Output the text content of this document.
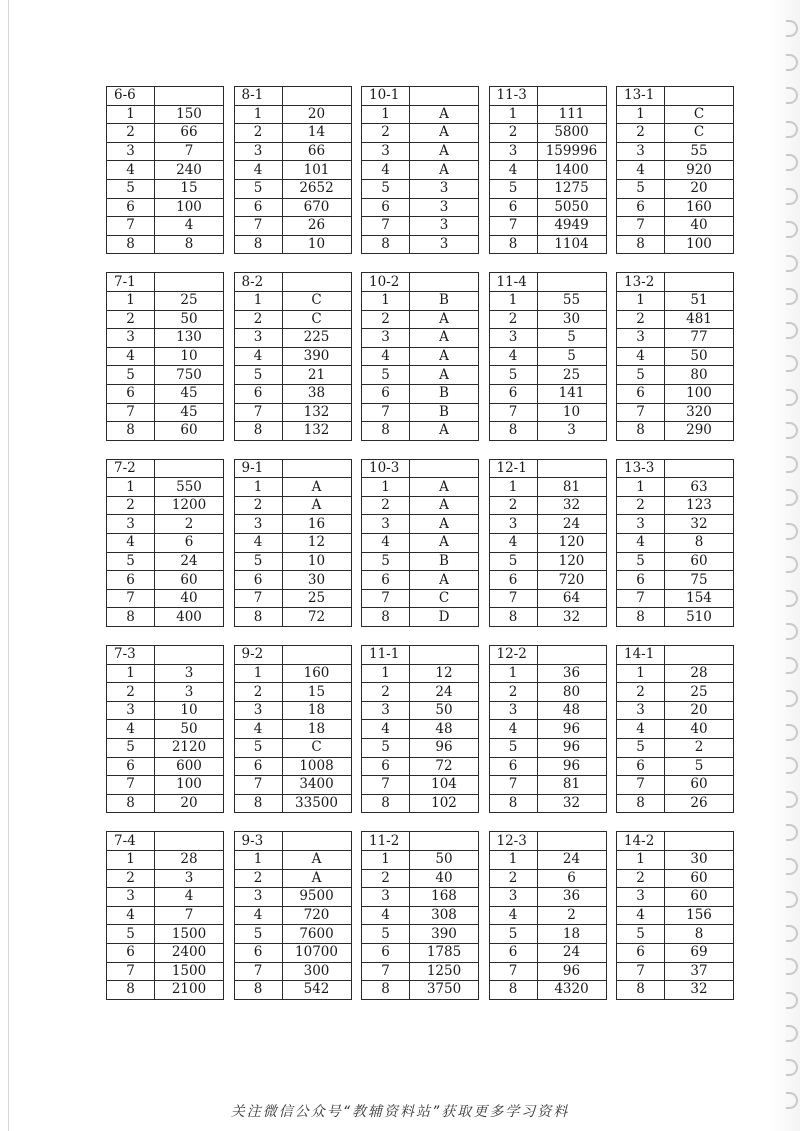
6-6	
1	150
2	66
3	7
4	240
5	15
6	100
7	4
8	8
8-1	
1	20
2	14
3	66
4	101
5	2652
6	670
7	26
8	10
10-1	
1	A
2	A
3	A
4	A
5	3
6	3
7	3
8	3
11-3	
1	111
2	5800
3	159996
4	1400
5	1275
6	5050
7	4949
8	1104
13-1	
1	C
2	C
3	55
4	920
5	20
6	160
7	40
8	100
7-1	
1	25
2	50
3	130
4	10
5	750
6	45
7	45
8	60
8-2	
1	C
2	C
3	225
4	390
5	21
6	38
7	132
8	132
10-2	
1	B
2	A
3	A
4	A
5	A
6	B
7	B
8	A
11-4	
1	55
2	30
3	5
4	5
5	25
6	141
7	10
8	3
13-2	
1	51
2	481
3	77
4	50
5	80
6	100
7	320
8	290
7-2	
1	550
2	1200
3	2
4	6
5	24
6	60
7	40
8	400
9-1	
1	A
2	A
3	16
4	12
5	10
6	30
7	25
8	72
10-3	
1	A
2	A
3	A
4	A
5	B
6	A
7	C
8	D
12-1	
1	81
2	32
3	24
4	120
5	120
6	720
7	64
8	32
13-3	
1	63
2	123
3	32
4	8
5	60
6	75
7	154
8	510
7-3	
1	3
2	3
3	10
4	50
5	2120
6	600
7	100
8	20
9-2	
1	160
2	15
3	18
4	18
5	C
6	1008
7	3400
8	33500
11-1	
1	12
2	24
3	50
4	48
5	96
6	72
7	104
8	102
12-2	
1	36
2	80
3	48
4	96
5	96
6	96
7	81
8	32
14-1	
1	28
2	25
3	20
4	40
5	2
6	5
7	60
8	26
7-4	
1	28
2	3
3	4
4	7
5	1500
6	2400
7	1500
8	2100
9-3	
1	A
2	A
3	9500
4	720
5	7600
6	10700
7	300
8	542
11-2	
1	50
2	40
3	168
4	308
5	390
6	1785
7	1250
8	3750
12-3	
1	24
2	6
3	36
4	2
5	18
6	24
7	96
8	4320
14-2	
1	30
2	60
3	60
4	156
5	8
6	69
7	37
8	32
关注微信公众号“教辅资料站”获取更多学习资料
